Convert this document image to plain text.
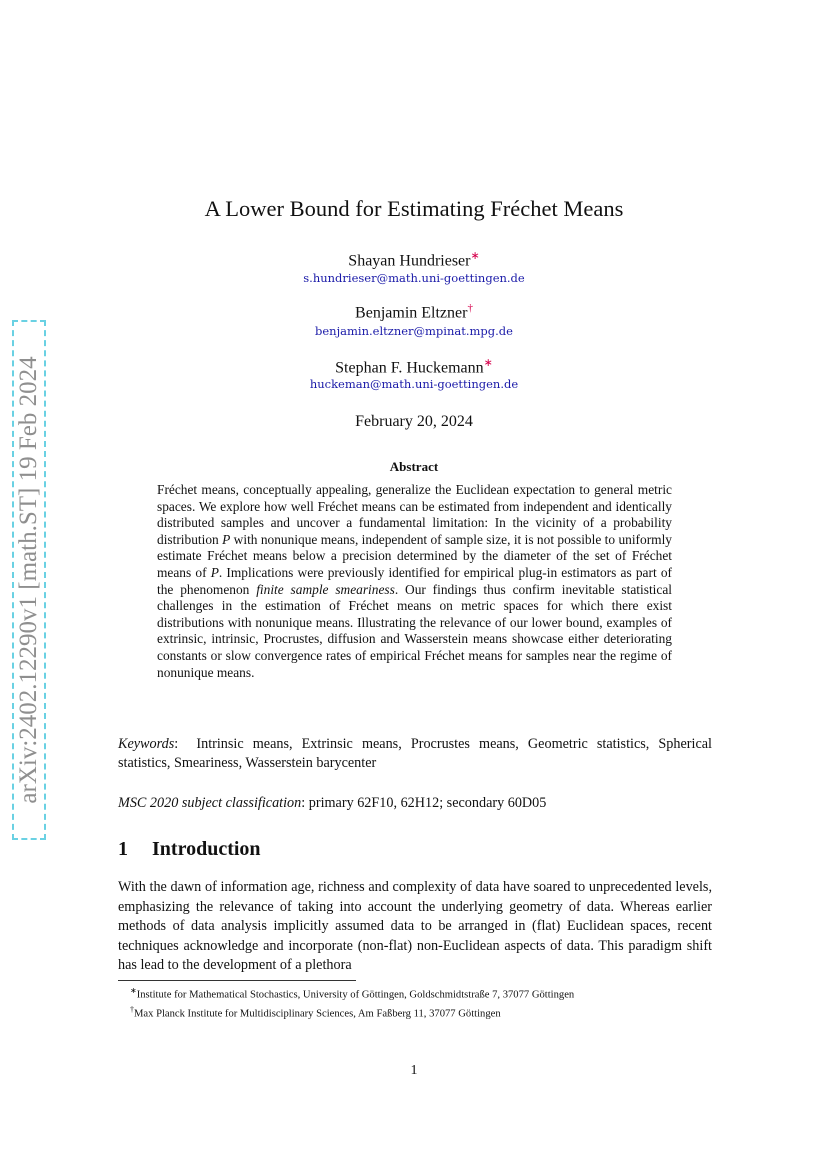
arXiv:2402.12290v1 [math.ST] 19 Feb 2024
A Lower Bound for Estimating Fréchet Means
Shayan Hundrieser∗
s.hundrieser@math.uni-goettingen.de
Benjamin Eltzner†
benjamin.eltzner@mpinat.mpg.de
Stephan F. Huckemann∗
huckeman@math.uni-goettingen.de
February 20, 2024
Abstract
Fréchet means, conceptually appealing, generalize the Euclidean expectation to general metric spaces. We explore how well Fréchet means can be estimated from independent and identically distributed samples and uncover a fundamental limitation: In the vicinity of a probability distribution P with nonunique means, independent of sample size, it is not possible to uniformly estimate Fréchet means below a precision determined by the diameter of the set of Fréchet means of P. Implications were previously identified for empirical plug-in estimators as part of the phenomenon finite sample smeariness. Our findings thus confirm inevitable statistical challenges in the estimation of Fréchet means on metric spaces for which there exist distributions with nonunique means. Illustrating the relevance of our lower bound, examples of extrinsic, intrinsic, Procrustes, diffusion and Wasserstein means showcase either deteriorating constants or slow convergence rates of empirical Fréchet means for samples near the regime of nonunique means.
Keywords:  Intrinsic means, Extrinsic means, Procrustes means, Geometric statistics, Spherical statistics, Smeariness, Wasserstein barycenter
MSC 2020 subject classification: primary 62F10, 62H12; secondary 60D05
1 Introduction
With the dawn of information age, richness and complexity of data have soared to unprecedented levels, emphasizing the relevance of taking into account the underlying geometry of data. Whereas earlier methods of data analysis implicitly assumed data to be arranged in (flat) Euclidean spaces, recent techniques acknowledge and incorporate (non-flat) non-Euclidean aspects of data. This paradigm shift has lead to the development of a plethora
∗Institute for Mathematical Stochastics, University of Göttingen, Goldschmidtstraße 7, 37077 Göttingen
†Max Planck Institute for Multidisciplinary Sciences, Am Faßberg 11, 37077 Göttingen
1
